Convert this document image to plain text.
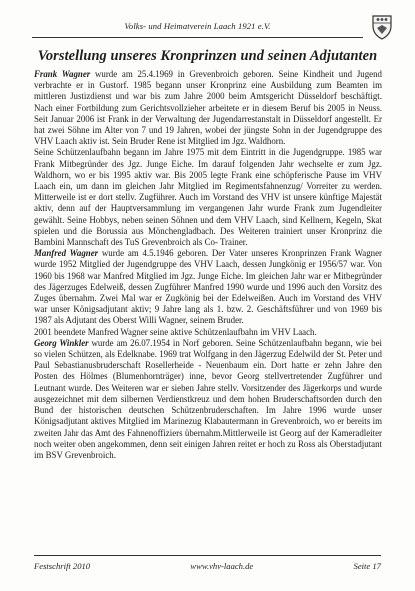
Volks- und Heimatverein Laach 1921 e.V.
Vorstellung unseres Kronprinzen und seinen Adjutanten

Frank Wagner wurde am 25.4.1969 in Grevenbroich geboren. Seine Kindheit und Jugend verbrachte er in Gustorf. 1985 begann unser Kronprinz eine Ausbildung zum Beamten im mittleren Justizdienst und war bis zum Jahre 2000 beim Amtsgericht Düsseldorf beschäftigt. Nach einer Fortbildung zum Gerichtsvollzieher arbeitete er in diesem Beruf bis 2005 in Neuss. Seit Januar 2006 ist Frank in der Verwaltung der Jugendarrestanstalt in Düsseldorf angestellt. Er hat zwei Söhne im Alter von 7 und 19 Jahren, wobei der jüngste Sohn in der Jugendgruppe des VHV Laach aktiv ist. Sein Bruder Rene ist Mitglied im Jgz. Waldhorn.

Seine Schützenlaufbahn begann im Jahre 1975 mit dem Eintritt in die Jugendgruppe. 1985 war Frank Mitbegründer des Jgz. Junge Eiche. Im darauf folgenden Jahr wechselte er zum Jgz. Waldhorn, wo er bis 1995 aktiv war. Bis 2005 legte Frank eine schöpferische Pause im VHV Laach ein, um dann im gleichen Jahr Mitglied im Regimentsfahnenzug/ Vorreiter zu werden. Mitterweile ist er dort stellv. Zugführer. Auch im Vorstand des VHV ist unsere künftige Majestät aktiv, denn auf der Hauptversammlung im vergangenen Jahr wurde Frank zum Jugendleiter gewählt. Seine Hobbys, neben seinen Söhnen und dem VHV Laach, sind Kellnern, Kegeln, Skat spielen und die Borussia aus Mönchengladbach. Des Weiteren trainiert unser Kronprinz die Bambini Mannschaft des TuS Grevenbroich als Co- Trainer.

Manfred Wagner wurde am 4.5.1946 geboren. Der Vater unseres Kronprinzen Frank Wagner wurde 1952 Mitglied der Jugendgruppe des VHV Laach, dessen Jungkönig er 1956/57 war. Von 1960 bis 1968 war Manfred Mitglied im Jgz. Junge Eiche. Im gleichen Jahr war er Mitbegründer des Jägerzuges Edelweiß, dessen Zugführer Manfred 1990 wurde und 1996 auch den Vorsitz des Zuges übernahm. Zwei Mal war er Zugkönig bei der Edelweißen. Auch im Vorstand des VHV war unser Königsadjutant aktiv; 9 Jahre lang als 1. bzw. 2. Geschäftsführer und von 1969 bis 1987 als Adjutant des Oberst Willi Wagner, seinem Bruder.

2001 beendete Manfred Wagner seine aktive Schützenlaufbahn im VHV Laach.

Georg Winkler wurde am 26.07.1954 in Norf geboren. Seine Schützenlaufbahn begann, wie bei so vielen Schützen, als Edelknabe. 1969 trat Wolfgang in den Jägerzug Edelwild der St. Peter und Paul Sebastianusbruderschaft Rosellerheide - Neuenbaum ein. Dort hatte er zehn Jahre den Posten des Hölmes (Blumenhornträger) inne, bevor Georg stellvertretender Zugführer und Leutnant wurde. Des Weiteren war er sieben Jahre stellv. Vorsitzender des Jägerkorps und wurde ausgezeichnet mit dem silbernen Verdienstkreuz und dem hohen Bruderschaftsorden durch den Bund der historischen deutschen Schützenbruderschaften. Im Jahre 1996 wurde unser Königsadjutant aktives Mitglied im Marinezug Klabautermann in Grevenbroich, wo er bereits im zweiten Jahr das Amt des Fahnenoffiziers übernahm.Mittlerweile ist Georg auf der Kameradleiter noch weiter oben angekommen, denn seit einigen Jahren reitet er hoch zu Ross als Oberstadjutant im BSV Grevenbroich.

Festschrift 2010	www.vhv-laach.de	Seite 17
